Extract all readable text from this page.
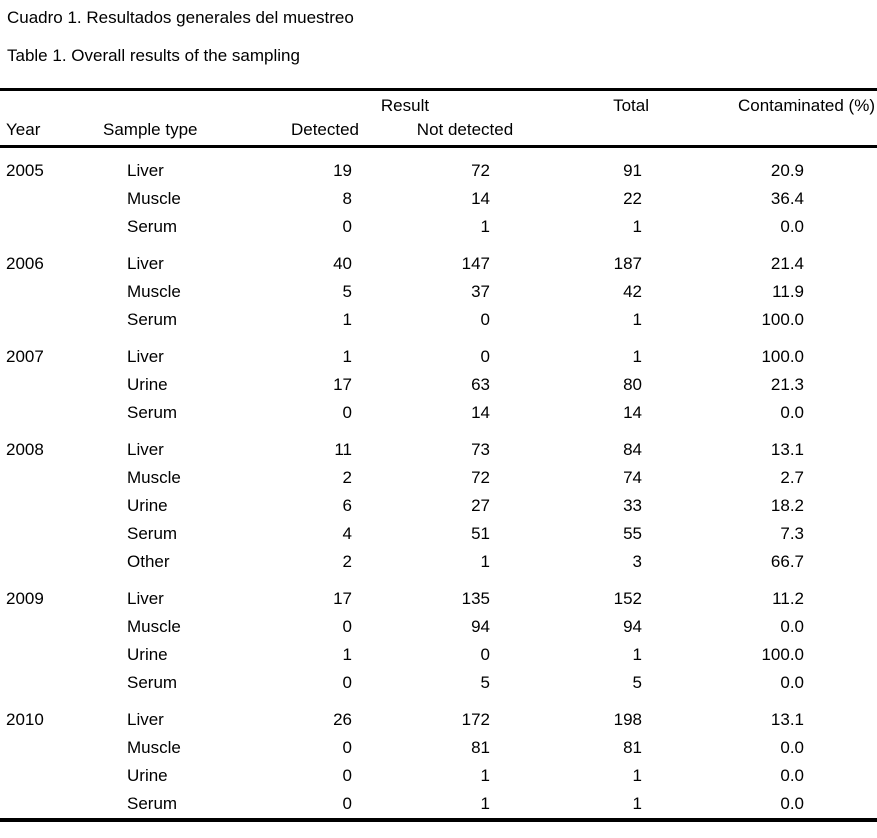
Cuadro 1. Resultados generales del muestreo

Table 1. Overall results of the sampling

		Result		Total	Contaminated (%)
Year	Sample type	Detected	Not detected		
2005	Liver	19	72	91	20.9
	Muscle	8	14	22	36.4
	Serum	0	1	1	0.0
2006	Liver	40	147	187	21.4
	Muscle	5	37	42	11.9
	Serum	1	0	1	100.0
2007	Liver	1	0	1	100.0
	Urine	17	63	80	21.3
	Serum	0	14	14	0.0
2008	Liver	11	73	84	13.1
	Muscle	2	72	74	2.7
	Urine	6	27	33	18.2
	Serum	4	51	55	7.3
	Other	2	1	3	66.7
2009	Liver	17	135	152	11.2
	Muscle	0	94	94	0.0
	Urine	1	0	1	100.0
	Serum	0	5	5	0.0
2010	Liver	26	172	198	13.1
	Muscle	0	81	81	0.0
	Urine	0	1	1	0.0
	Serum	0	1	1	0.0
